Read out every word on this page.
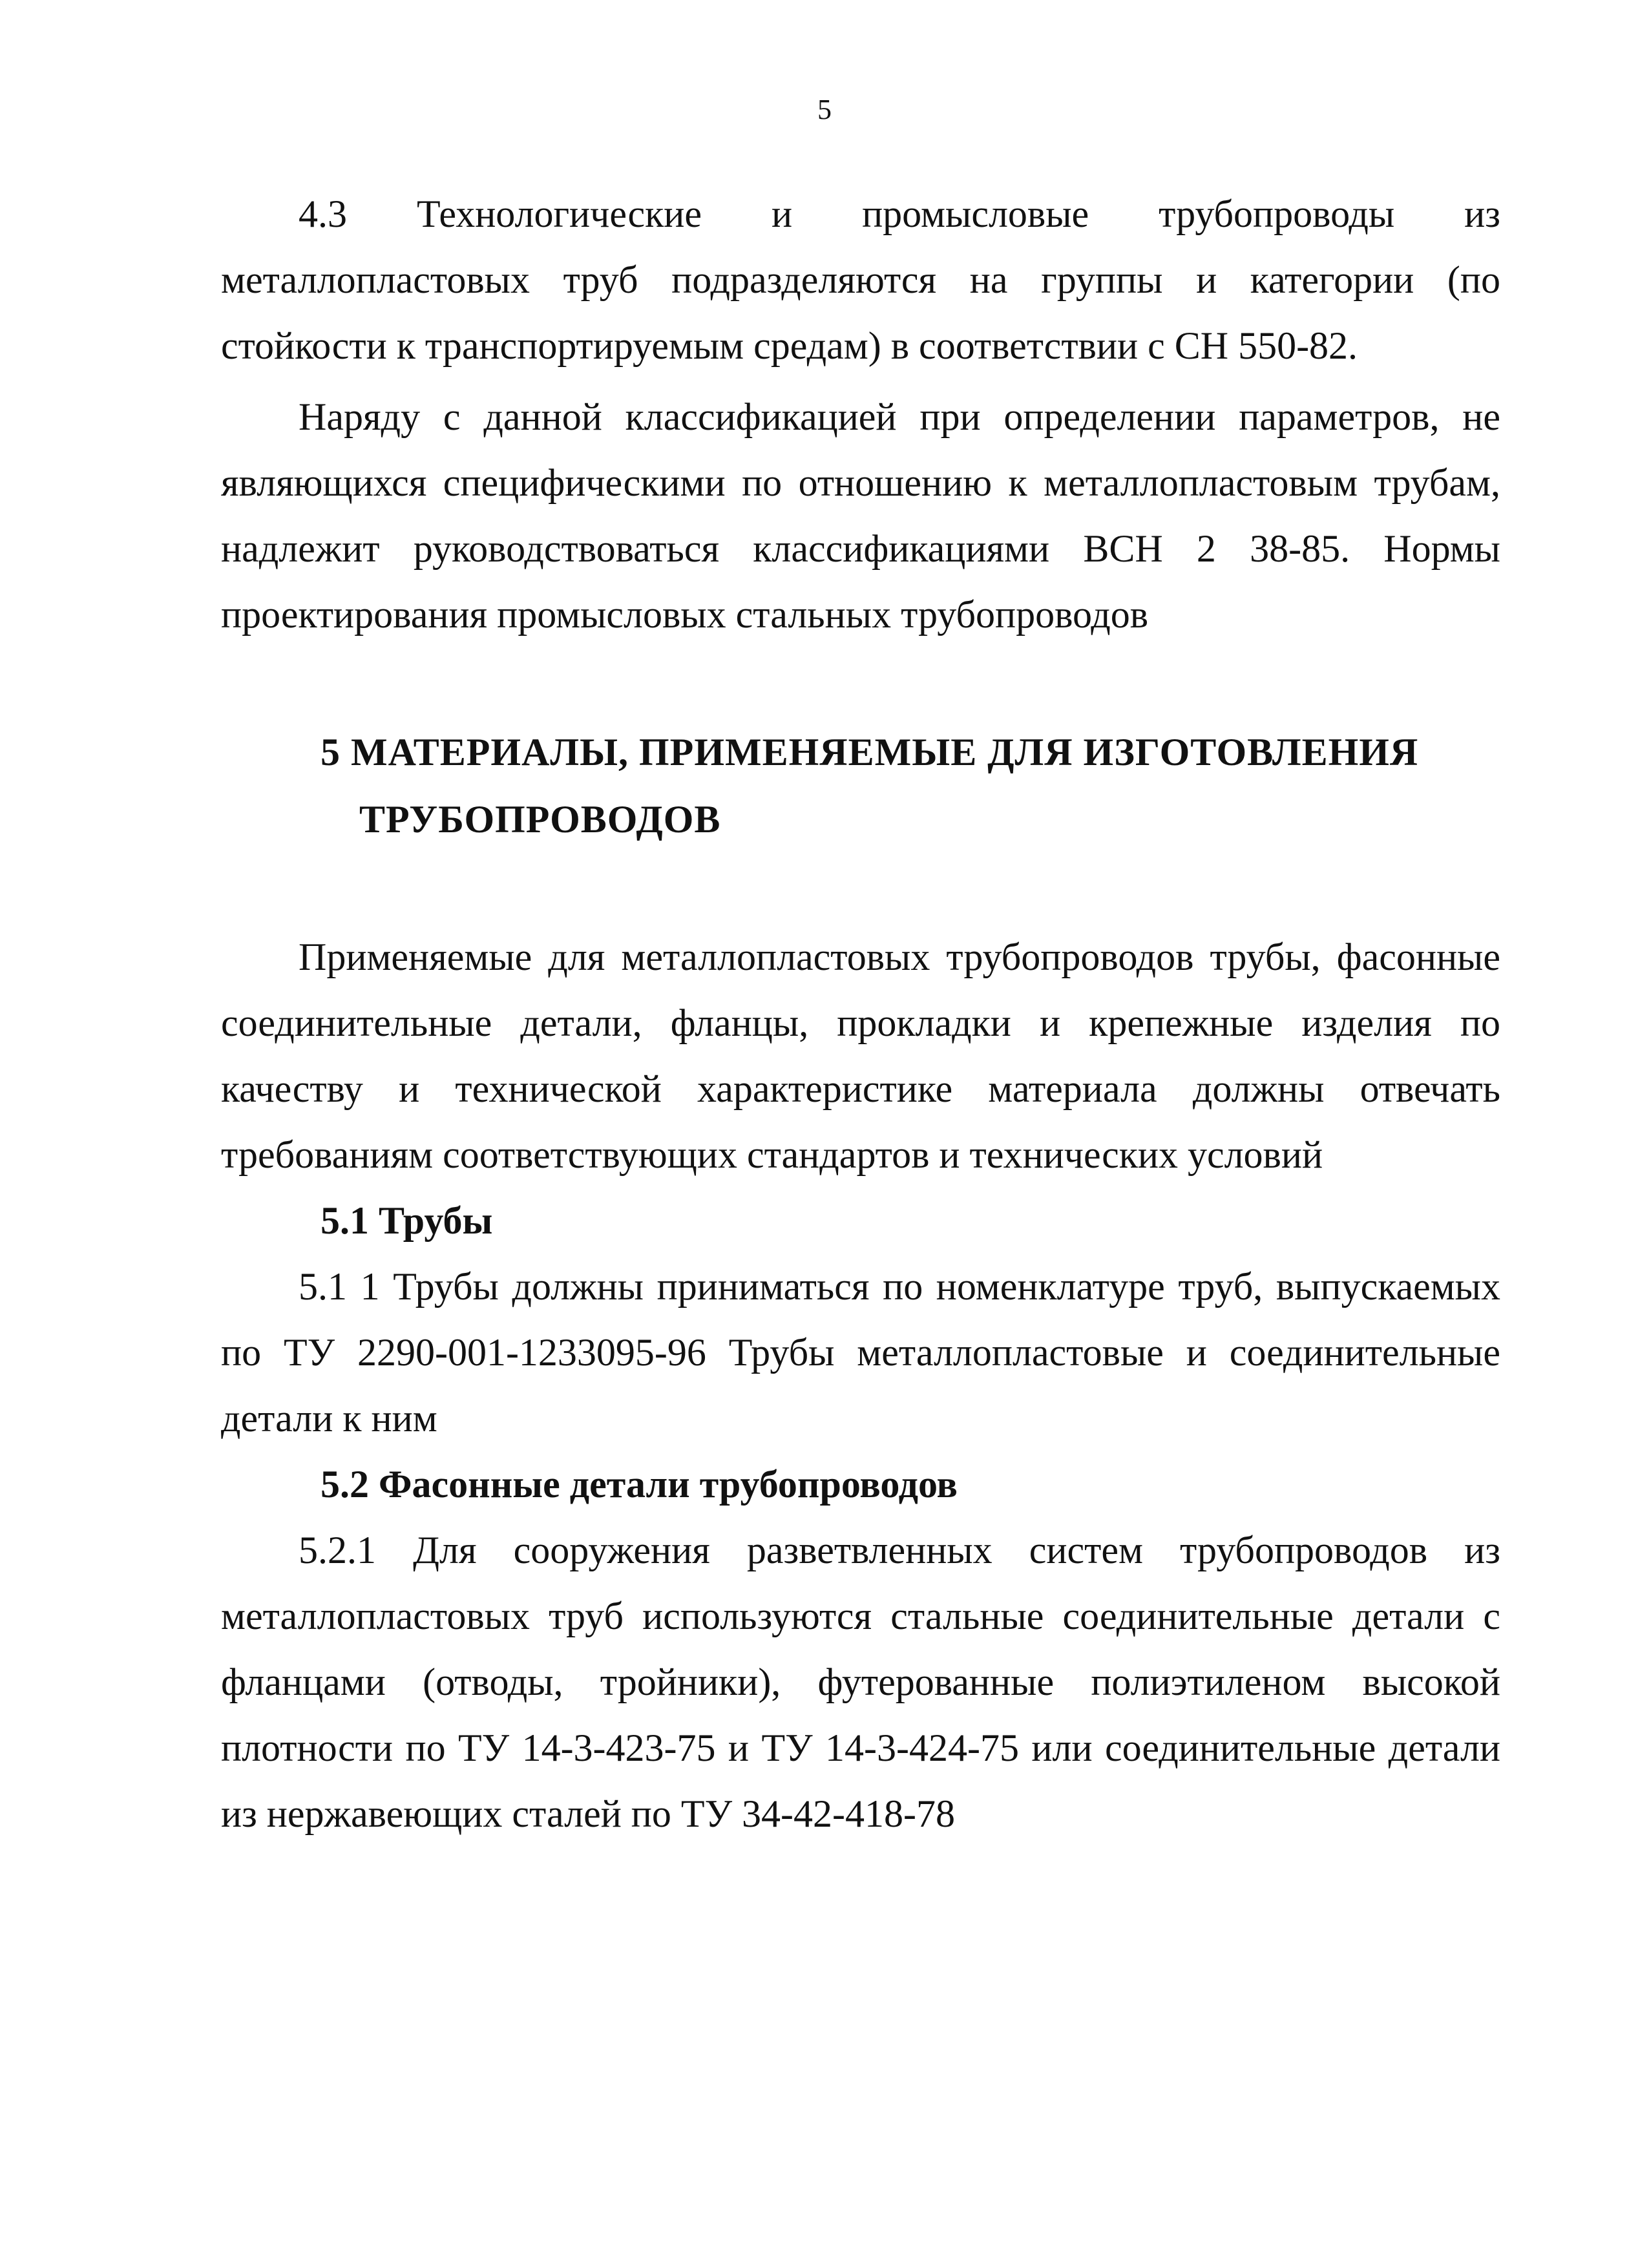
5

4.3 Технологические и промысловые трубопроводы из металлопластовых труб подразделяются на группы и категории (по стойкости к транспортируемым средам) в соответствии с СН 550-82.

Наряду с данной классификацией при определении параметров, не являющихся специфическими по отношению к металлопластовым трубам, надлежит руководствоваться классификациями ВСН 2 38-85. Нормы проектирования промысловых стальных трубопроводов

5 МАТЕРИАЛЫ, ПРИМЕНЯЕМЫЕ ДЛЯ ИЗГОТОВЛЕНИЯ
ТРУБОПРОВОДОВ

Применяемые для металлопластовых трубопроводов трубы, фасонные соединительные детали, фланцы, прокладки и крепежные изделия по качеству и технической характеристике материала должны отвечать требованиям соответствующих стандартов и технических условий

5.1 Трубы

5.1 1 Трубы должны приниматься по номенклатуре труб, выпускаемых по ТУ 2290-001-1233095-96 Трубы металлопластовые и соединительные детали к ним

5.2 Фасонные детали трубопроводов

5.2.1 Для сооружения разветвленных систем трубопроводов из металлопластовых труб используются стальные соединительные детали с фланцами (отводы, тройники), футерованные полиэтиленом высокой плотности по ТУ 14-3-423-75 и ТУ 14-3-424-75 или соединительные детали из нержавеющих сталей по ТУ 34-42-418-78
